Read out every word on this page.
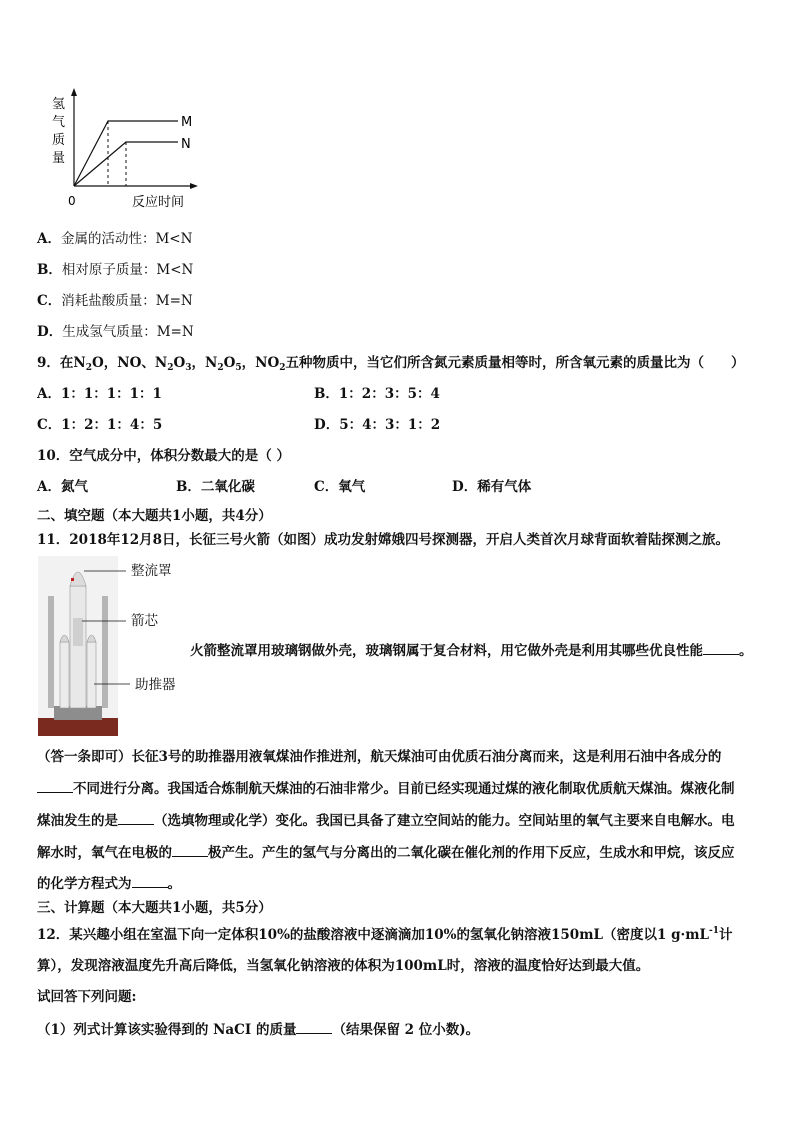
氢
气
质
量
0	反应时间
M
N
A．金属的活动性：M<N
B．相对原子质量：M<N
C．消耗盐酸质量：M=N
D．生成氢气质量：M=N
9．在$N_2O$，NO、$N_2O_3$，$N_2O_5$，$NO_2$五种物质中，当它们所含氮元素质量相等时，所含氧元素的质量比为（　　）
A．1：1：1：1：1	B．1：2：3：5：4
C．1：2：1：4：5	D．5：4：3：1：2
10．空气成分中，体积分数最大的是（ ）
A．氮气	B．二氧化碳	C．氧气	D．稀有气体
二、填空题（本大题共1小题，共4分）
11．2018年12月8日，长征三号火箭（如图）成功发射嫦娥四号探测器，开启人类首次月球背面软着陆探测之旅。
整流罩
箭芯
助推器
火箭整流罩用玻璃钢做外壳，玻璃钢属于复合材料，用它做外壳是利用其哪些优良性能	。
（答一条即可）长征3号的助推器用液氧煤油作推进剂，航天煤油可由优质石油分离而来，这是利用石油中各成分的
不同进行分离。我国适合炼制航天煤油的石油非常少。目前已经实现通过煤的液化制取优质航天煤油。煤液化制
煤油发生的是	（选填物理或化学）变化。我国已具备了建立空间站的能力。空间站里的氧气主要来自电解水。电
解水时，氧气在电极的	极产生。产生的氢气与分离出的二氧化碳在催化剂的作用下反应，生成水和甲烷，该反应
的化学方程式为	。
三、计算题（本大题共1小题，共5分）
12．某兴趣小组在室温下向一定体积10%的盐酸溶液中逐滴滴加10%的氢氧化钠溶液150mL（密度以1 $g\cdot mL^{-1}$计
算），发现溶液温度先升高后降低，当氢氧化钠溶液的体积为100mL时，溶液的温度恰好达到最大值。
试回答下列问题:
（1）列式计算该实验得到的 NaCI 的质量	（结果保留 2 位小数)。
